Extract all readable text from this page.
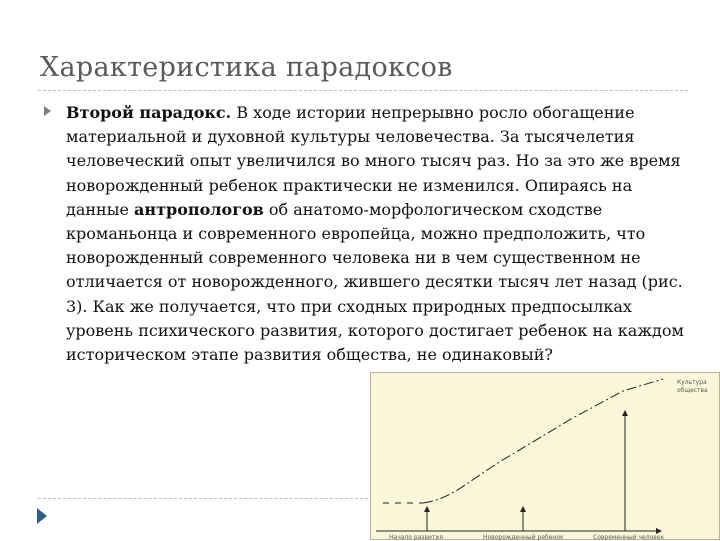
Характеристика парадоксов

Второй парадокс. В ходе истории непрерывно росло обогащение материальной и духовной культуры человечества. За тысячелетия человеческий опыт увеличился во много тысяч раз. Но за это же время новорожденный ребенок практически не изменился. Опираясь на данные антропологов об анатомо-морфологическом сходстве кроманьонца и современного европейца, можно предположить, что новорожденный современного человека ни в чем существенном не отличается от новорожденного, жившего десятки тысяч лет назад (рис. 3). Как же получается, что при сходных природных предпосылках уровень психического развития, которого достигает ребенок на каждом историческом этапе развития общества, не одинаковый?

Культура
общества
Начало развития	Новорожденный ребенок	Современный человек
